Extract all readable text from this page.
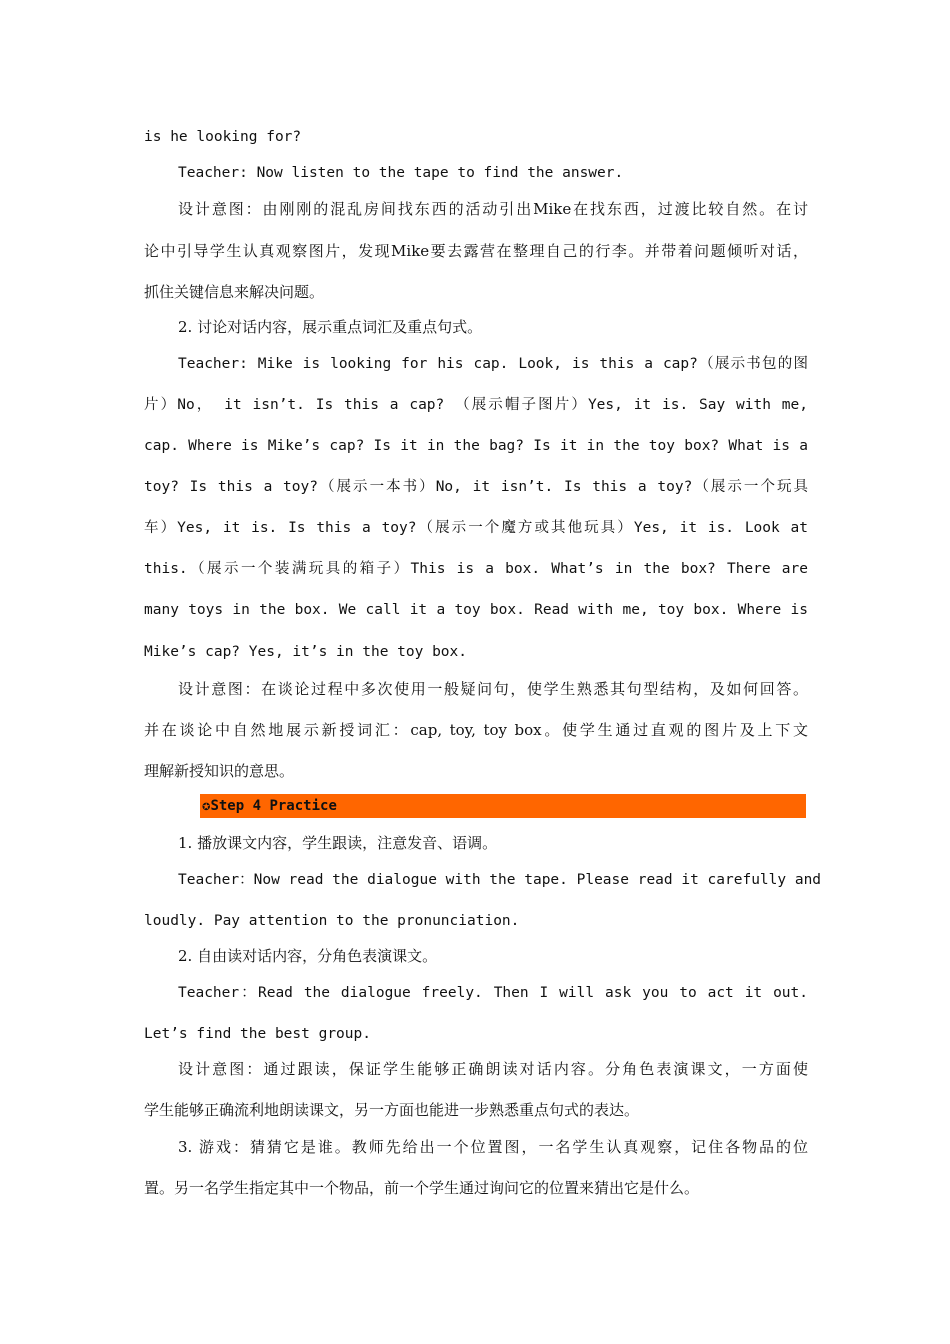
is he looking for?

Teacher: Now listen to the tape to find the answer.

设计意图：由刚刚的混乱房间找东西的活动引出Mike在找东西，过渡比较自然。在讨

论中引导学生认真观察图片，发现Mike要去露营在整理自己的行李。并带着问题倾听对话，

抓住关键信息来解决问题。

2. 讨论对话内容，展示重点词汇及重点句式。

Teacher: Mike is looking for his cap. Look, is this a cap?（展示书包的图

片）No， it isn’t. Is this a cap? （展示帽子图片）Yes, it is. Say with me,

cap. Where is Mike’s cap? Is it in the bag? Is it in the toy box? What is a

toy? Is this a toy?（展示一本书）No, it isn’t. Is this a toy?（展示一个玩具

车）Yes, it is. Is this a toy?（展示一个魔方或其他玩具）Yes, it is. Look at

this.（展示一个装满玩具的箱子）This is a box. What’s in the box? There are

many toys in the box. We call it a toy box. Read with me, toy box. Where is

Mike’s cap? Yes, it’s in the toy box.

设计意图：在谈论过程中多次使用一般疑问句，使学生熟悉其句型结构，及如何回答。

并在谈论中自然地展示新授词汇：cap, toy, toy box。使学生通过直观的图片及上下文

理解新授知识的意思。

✪Step 4 Practice

1. 播放课文内容，学生跟读，注意发音、语调。

Teacher：Now read the dialogue with the tape. Please read it carefully and

loudly. Pay attention to the pronunciation.

2. 自由读对话内容，分角色表演课文。

Teacher：Read the dialogue freely. Then I will ask you to act it out.

Let’s find the best group.

设计意图：通过跟读，保证学生能够正确朗读对话内容。分角色表演课文，一方面使

学生能够正确流利地朗读课文，另一方面也能进一步熟悉重点句式的表达。

3. 游戏：猜猜它是谁。教师先给出一个位置图，一名学生认真观察，记住各物品的位

置。另一名学生指定其中一个物品，前一个学生通过询问它的位置来猜出它是什么。
